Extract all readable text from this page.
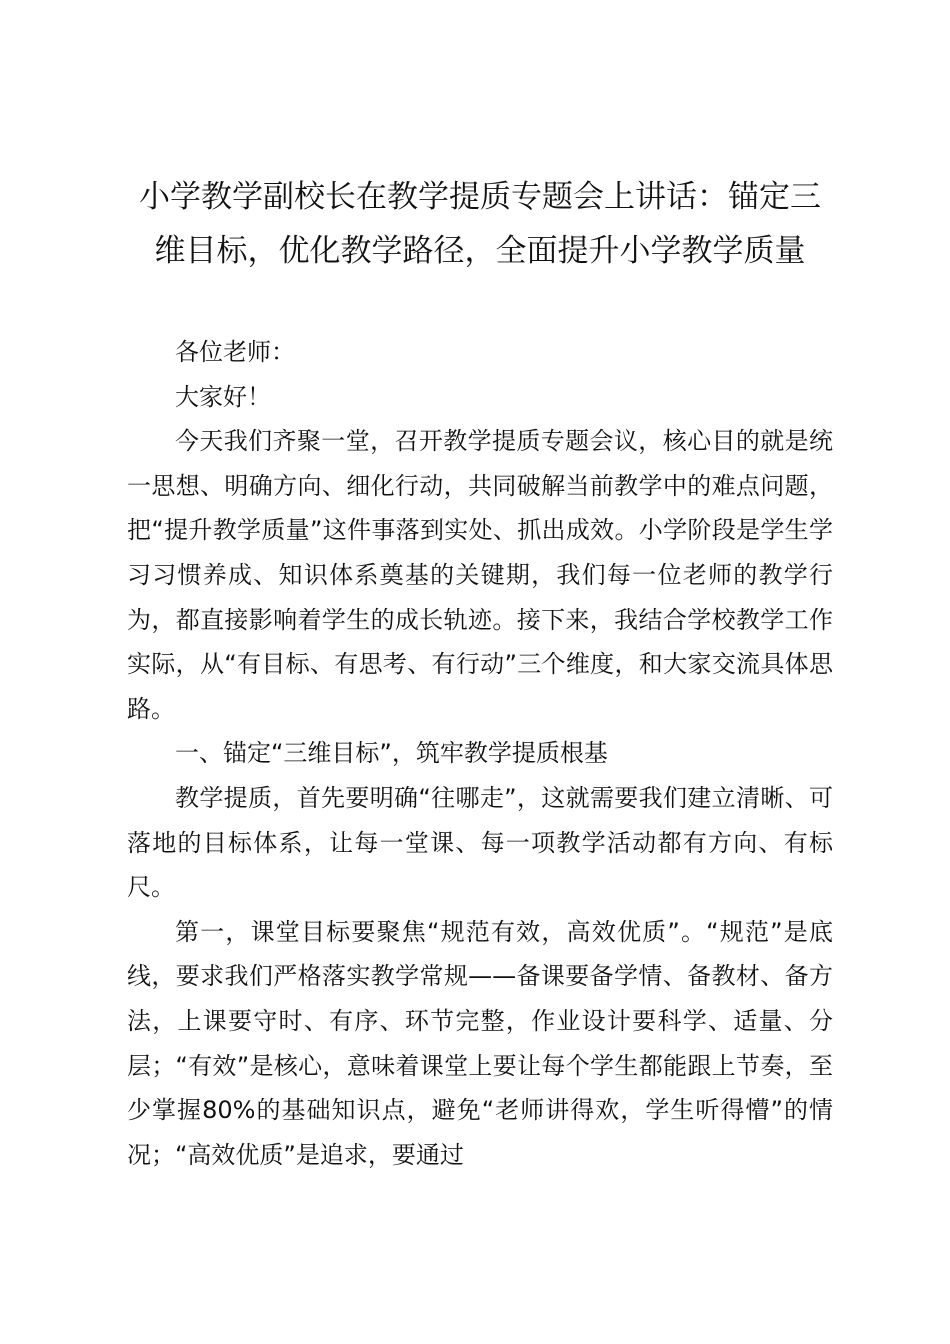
小学教学副校长在教学提质专题会上讲话：锚定三维目标，优化教学路径，全面提升小学教学质量

各位老师：

大家好！

今天我们齐聚一堂，召开教学提质专题会议，核心目的就是统一思想、明确方向、细化行动，共同破解当前教学中的难点问题，把“提升教学质量”这件事落到实处、抓出成效。小学阶段是学生学习习惯养成、知识体系奠基的关键期，我们每一位老师的教学行为，都直接影响着学生的成长轨迹。接下来，我结合学校教学工作实际，从“有目标、有思考、有行动”三个维度，和大家交流具体思路。

一、锚定“三维目标”，筑牢教学提质根基

教学提质，首先要明确“往哪走”，这就需要我们建立清晰、可落地的目标体系，让每一堂课、每一项教学活动都有方向、有标尺。

第一，课堂目标要聚焦“规范有效，高效优质”。“规范”是底线，要求我们严格落实教学常规——备课要备学情、备教材、备方法，上课要守时、有序、环节完整，作业设计要科学、适量、分层；“有效”是核心，意味着课堂上要让每个学生都能跟上节奏，至少掌握80%的基础知识点，避免“老师讲得欢，学生听得懵”的情况；“高效优质”是追求，要通过
